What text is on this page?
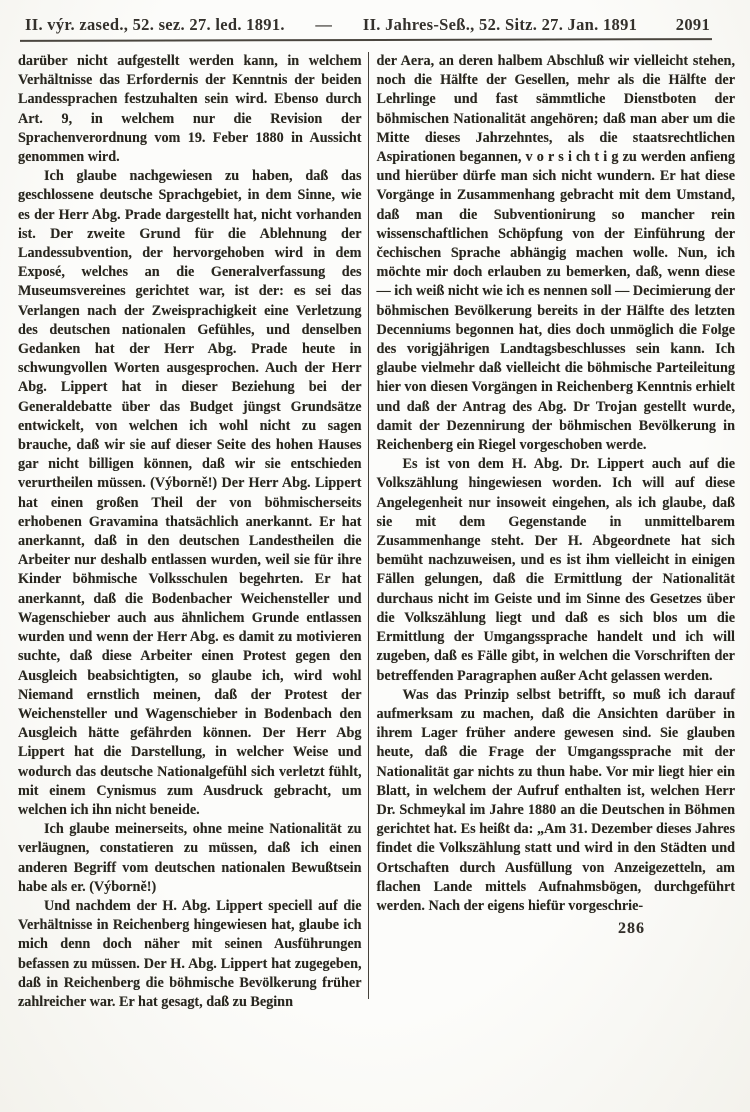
II. výr. zased., 52. sez. 27. led. 1891.	—	II. Jahres-Seß., 52. Sitz. 27. Jan. 1891	2091

darüber nicht aufgestellt werden kann, in welchem Verhältnisse das Erfordernis der Kenntnis der beiden Landessprachen festzuhalten sein wird. Ebenso durch Art. 9, in welchem nur die Revision der Sprachenverordnung vom 19. Feber 1880 in Aussicht genommen wird.

Ich glaube nachgewiesen zu haben, daß das geschlossene deutsche Sprachgebiet, in dem Sinne, wie es der Herr Abg. Prade dargestellt hat, nicht vorhanden ist. Der zweite Grund für die Ablehnung der Landessubvention, der hervorgehoben wird in dem Exposé, welches an die Generalverfassung des Museumsvereines gerichtet war, ist der: es sei das Verlangen nach der Zweisprachigkeit eine Verletzung des deutschen nationalen Gefühles, und denselben Gedanken hat der Herr Abg. Prade heute in schwungvollen Worten ausgesprochen. Auch der Herr Abg. Lippert hat in dieser Beziehung bei der Generaldebatte über das Budget jüngst Grundsätze entwickelt, von welchen ich wohl nicht zu sagen brauche, daß wir sie auf dieser Seite des hohen Hauses gar nicht billigen können, daß wir sie entschieden verurtheilen müssen. (Výborně!) Der Herr Abg. Lippert hat einen großen Theil der von böhmischerseits erhobenen Gravamina thatsächlich anerkannt. Er hat anerkannt, daß in den deutschen Landestheilen die Arbeiter nur deshalb entlassen wurden, weil sie für ihre Kinder böhmische Volksschulen begehrten. Er hat anerkannt, daß die Bodenbacher Weichensteller und Wagenschieber auch aus ähnlichem Grunde entlassen wurden und wenn der Herr Abg. es damit zu motivieren suchte, daß diese Arbeiter einen Protest gegen den Ausgleich beabsichtigten, so glaube ich, wird wohl Niemand ernstlich meinen, daß der Protest der Weichensteller und Wagenschieber in Bodenbach den Ausgleich hätte gefährden können. Der Herr Abg Lippert hat die Darstellung, in welcher Weise und wodurch das deutsche Nationalgefühl sich verletzt fühlt, mit einem Cynismus zum Ausdruck gebracht, um welchen ich ihn nicht beneide.

Ich glaube meinerseits, ohne meine Nationalität zu verläugnen, constatieren zu müssen, daß ich einen anderen Begriff vom deutschen nationalen Bewußtsein habe als er. (Výborně!)

Und nachdem der H. Abg. Lippert speciell auf die Verhältnisse in Reichenberg hingewiesen hat, glaube ich mich denn doch näher mit seinen Ausführungen befassen zu müssen. Der H. Abg. Lippert hat zugegeben, daß in Reichenberg die böhmische Bevölkerung früher zahlreicher war. Er hat gesagt, daß zu Beginn

der Aera, an deren halbem Abschluß wir vielleicht stehen, noch die Hälfte der Gesellen, mehr als die Hälfte der Lehrlinge und fast sämmtliche Dienstboten der böhmischen Nationalität angehören; daß man aber um die Mitte dieses Jahrzehntes, als die staatsrechtlichen Aspirationen begannen, v o r s i ch t i g zu werden anfieng und hierüber dürfe man sich nicht wundern. Er hat diese Vorgänge in Zusammenhang gebracht mit dem Umstand, daß man die Subventionirung so mancher rein wissenschaftlichen Schöpfung von der Einführung der čechischen Sprache abhängig machen wolle. Nun, ich möchte mir doch erlauben zu bemerken, daß, wenn diese — ich weiß nicht wie ich es nennen soll — Decimierung der böhmischen Bevölkerung bereits in der Hälfte des letzten Decenniums begonnen hat, dies doch unmöglich die Folge des vorigjährigen Landtagsbeschlusses sein kann. Ich glaube vielmehr daß vielleicht die böhmische Parteileitung hier von diesen Vorgängen in Reichenberg Kenntnis erhielt und daß der Antrag des Abg. Dr Trojan gestellt wurde, damit der Dezennirung der böhmischen Bevölkerung in Reichenberg ein Riegel vorgeschoben werde.

Es ist von dem H. Abg. Dr. Lippert auch auf die Volkszählung hingewiesen worden. Ich will auf diese Angelegenheit nur insoweit eingehen, als ich glaube, daß sie mit dem Gegenstande in unmittelbarem Zusammenhange steht. Der H. Abgeordnete hat sich bemüht nachzuweisen, und es ist ihm vielleicht in einigen Fällen gelungen, daß die Ermittlung der Nationalität durchaus nicht im Geiste und im Sinne des Gesetzes über die Volkszählung liegt und daß es sich blos um die Ermittlung der Umgangssprache handelt und ich will zugeben, daß es Fälle gibt, in welchen die Vorschriften der betreffenden Paragraphen außer Acht gelassen werden.

Was das Prinzip selbst betrifft, so muß ich darauf aufmerksam zu machen, daß die Ansichten darüber in ihrem Lager früher andere gewesen sind. Sie glauben heute, daß die Frage der Umgangssprache mit der Nationalität gar nichts zu thun habe. Vor mir liegt hier ein Blatt, in welchem der Aufruf enthalten ist, welchen Herr Dr. Schmeykal im Jahre 1880 an die Deutschen in Böhmen gerichtet hat. Es heißt da: „Am 31. Dezember dieses Jahres findet die Volkszählung statt und wird in den Städten und Ortschaften durch Ausfüllung von Anzeigezetteln, am flachen Lande mittels Aufnahmsbögen, durchgeführt werden. Nach der eigens hiefür vorgeschrie-

286
